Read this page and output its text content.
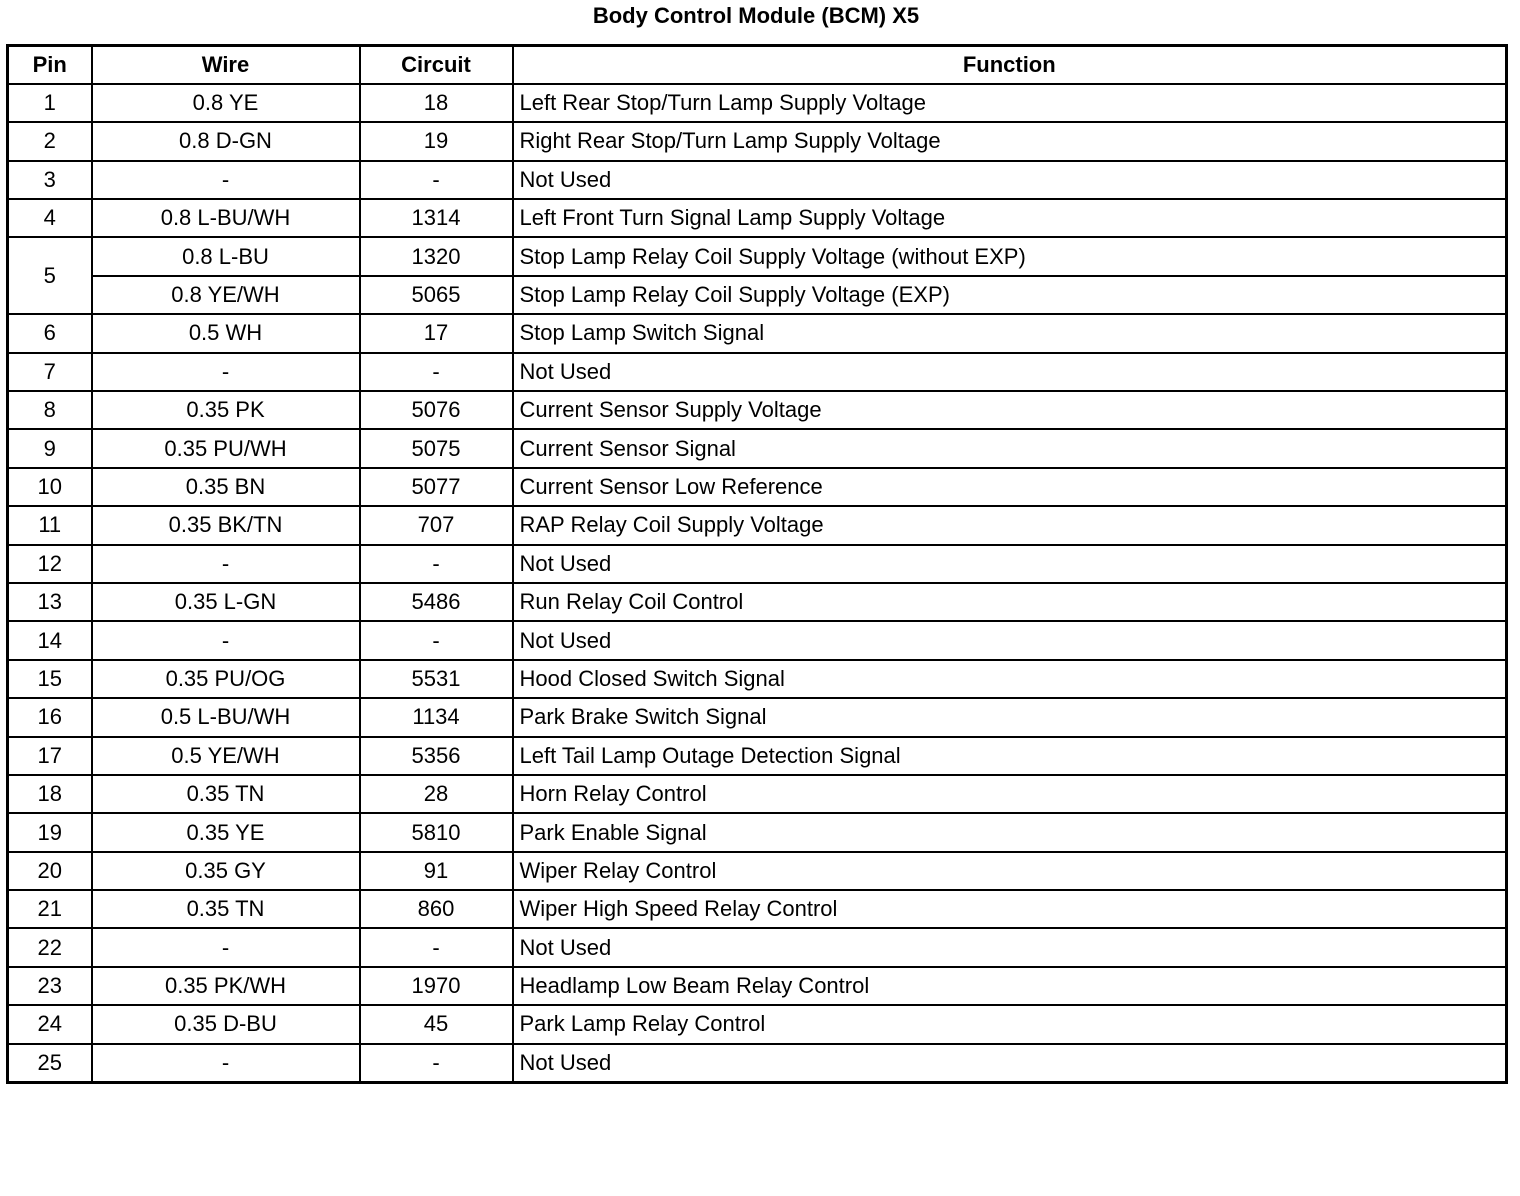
Body Control Module (BCM) X5
Pin	Wire	Circuit	Function
1	0.8 YE	18	Left Rear Stop/Turn Lamp Supply Voltage
2	0.8 D-GN	19	Right Rear Stop/Turn Lamp Supply Voltage
3	-	-	Not Used
4	0.8 L-BU/WH	1314	Left Front Turn Signal Lamp Supply Voltage
5	0.8 L-BU	1320	Stop Lamp Relay Coil Supply Voltage (without EXP)
	0.8 YE/WH	5065	Stop Lamp Relay Coil Supply Voltage (EXP)
6	0.5 WH	17	Stop Lamp Switch Signal
7	-	-	Not Used
8	0.35 PK	5076	Current Sensor Supply Voltage
9	0.35 PU/WH	5075	Current Sensor Signal
10	0.35 BN	5077	Current Sensor Low Reference
11	0.35 BK/TN	707	RAP Relay Coil Supply Voltage
12	-	-	Not Used
13	0.35 L-GN	5486	Run Relay Coil Control
14	-	-	Not Used
15	0.35 PU/OG	5531	Hood Closed Switch Signal
16	0.5 L-BU/WH	1134	Park Brake Switch Signal
17	0.5 YE/WH	5356	Left Tail Lamp Outage Detection Signal
18	0.35 TN	28	Horn Relay Control
19	0.35 YE	5810	Park Enable Signal
20	0.35 GY	91	Wiper Relay Control
21	0.35 TN	860	Wiper High Speed Relay Control
22	-	-	Not Used
23	0.35 PK/WH	1970	Headlamp Low Beam Relay Control
24	0.35 D-BU	45	Park Lamp Relay Control
25	-	-	Not Used
